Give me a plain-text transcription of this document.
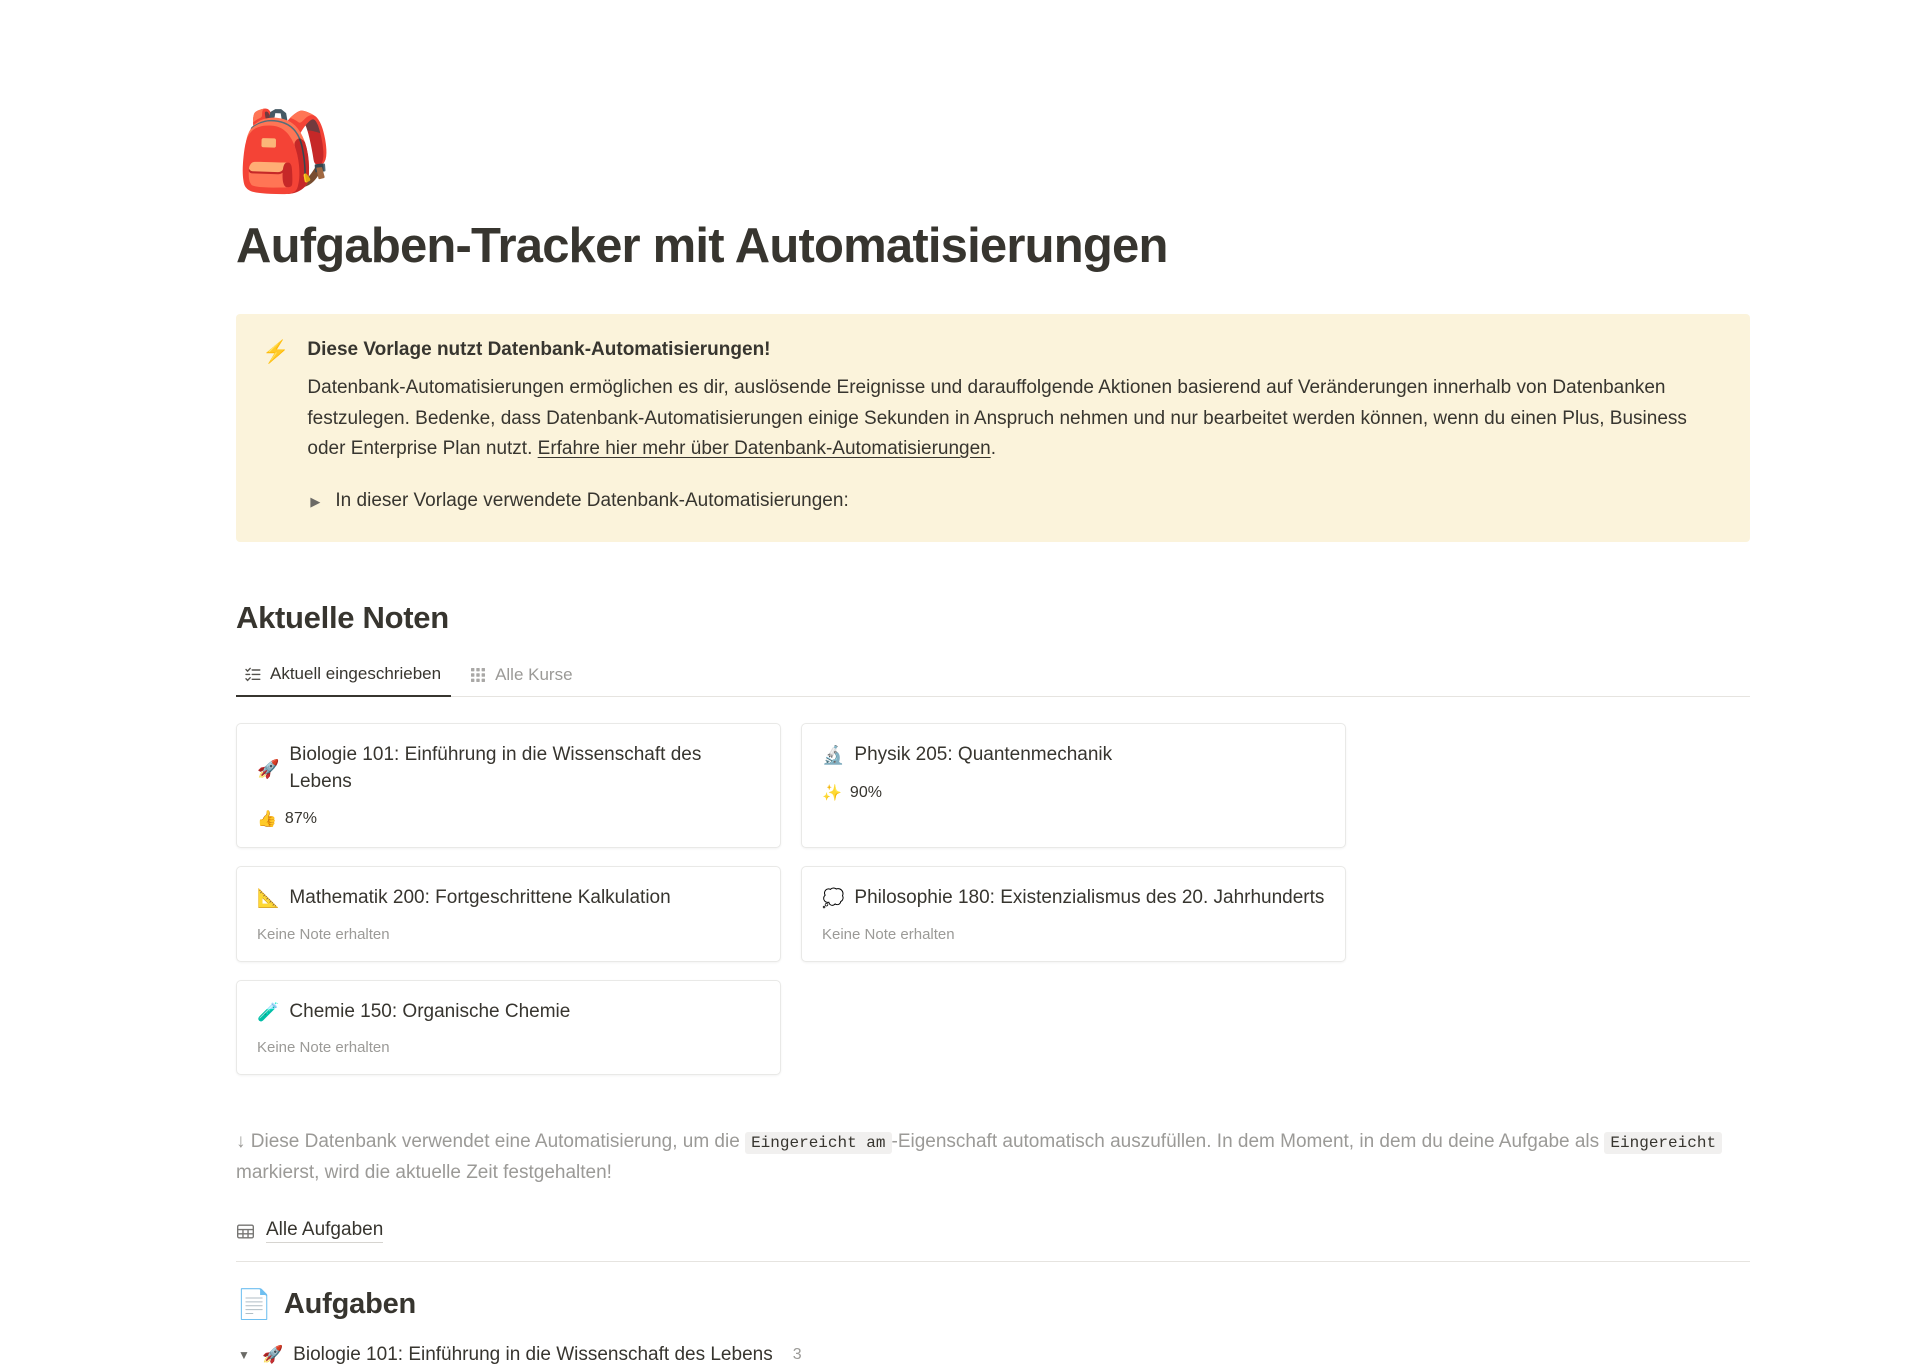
🎒
Aufgaben-Tracker mit Automatisierungen
⚡ Diese Vorlage nutzt Datenbank-Automatisierungen!
Datenbank-Automatisierungen ermöglichen es dir, auslösende Ereignisse und darauffolgende Aktionen basierend auf Veränderungen innerhalb von Datenbanken festzulegen. Bedenke, dass Datenbank-Automatisierungen einige Sekunden in Anspruch nehmen und nur bearbeitet werden können, wenn du einen Plus, Business oder Enterprise Plan nutzt. Erfahre hier mehr über Datenbank-Automatisierungen.
▶ In dieser Vorlage verwendete Datenbank-Automatisierungen:
Aktuelle Noten
Aktuell eingeschrieben	Alle Kurse
🚀
Biologie 101: Einführung in die Wissenschaft des Lebens
👍 87%
🔬 Physik 205: Quantenmechanik
✨ 90%
📐 Mathematik 200: Fortgeschrittene Kalkulation
Keine Note erhalten
💭 Philosophie 180: Existenzialismus des 20. Jahrhunderts
Keine Note erhalten
🧪 Chemie 150: Organische Chemie
Keine Note erhalten
↓ Diese Datenbank verwendet eine Automatisierung, um die Eingereicht am -Eigenschaft automatisch auszufüllen. In dem Moment, in dem du deine Aufgabe als Eingereicht markierst, wird die aktuelle Zeit festgehalten!
Alle Aufgaben
📄 Aufgaben
▼ 🚀 Biologie 101: Einführung in die Wissenschaft des Lebens 3
